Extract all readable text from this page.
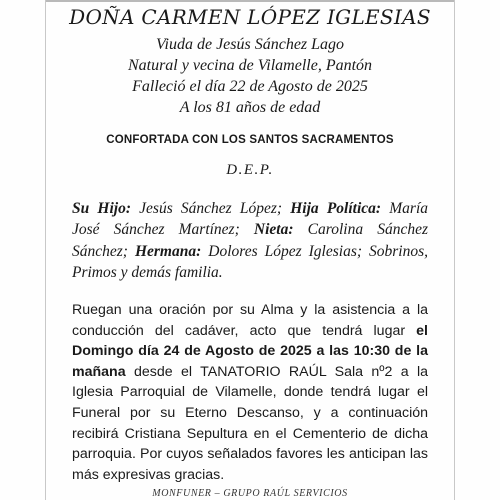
DOÑA CARMEN LÓPEZ IGLESIAS
Viuda de Jesús Sánchez Lago
Natural y vecina de Vilamelle, Pantón
Falleció el día 22 de Agosto de 2025
A los 81 años de edad
CONFORTADA CON LOS SANTOS SACRAMENTOS
D.E.P.
Su Hijo: Jesús Sánchez López; Hija Política: María José Sánchez Martínez; Nieta: Carolina Sánchez Sánchez; Hermana: Dolores López Iglesias; Sobrinos, Primos y demás familia.
Ruegan una oración por su Alma y la asistencia a la conducción del cadáver, acto que tendrá lugar el Domingo día 24 de Agosto de 2025 a las 10:30 de la mañana desde el TANATORIO RAÚL Sala nº2 a la Iglesia Parroquial de Vilamelle, donde tendrá lugar el Funeral por su Eterno Descanso, y a continuación recibirá Cristiana Sepultura en el Cementerio de dicha parroquia. Por cuyos señalados favores les anticipan las más expresivas gracias.
MONFUNER – GRUPO RAÚL SERVICIOS
